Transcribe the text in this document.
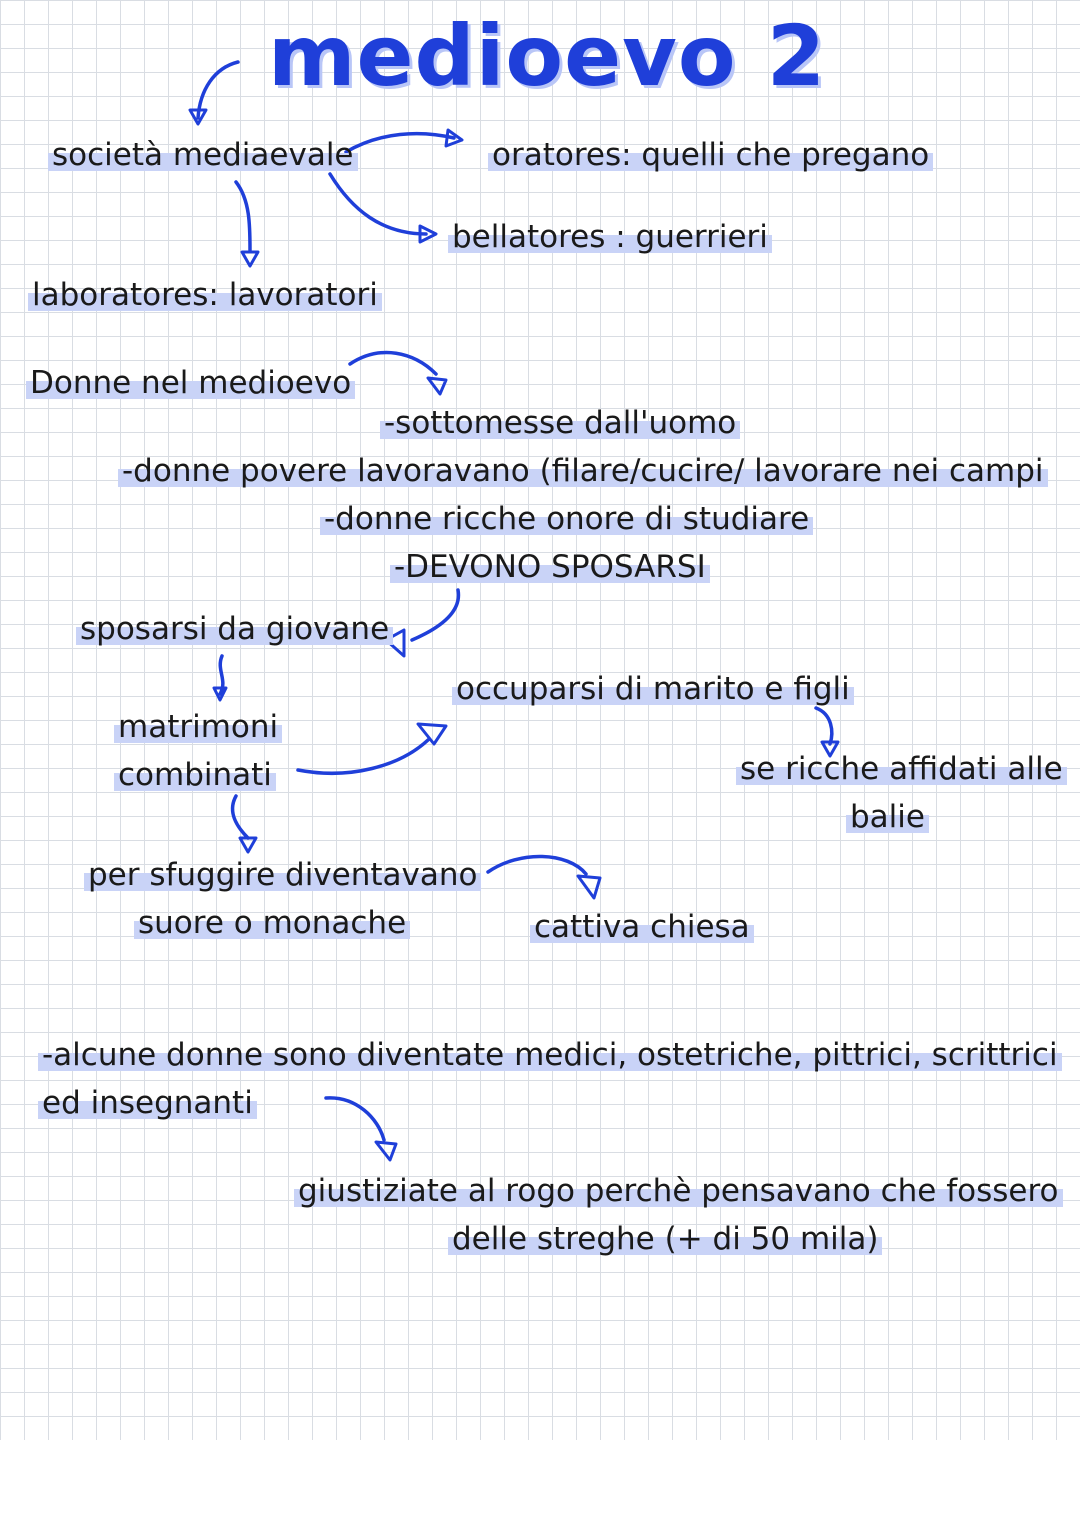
medioevo 2
società mediaevale	oratores: quelli che pregano
bellatores : guerrieri
laboratores: lavoratori
Donne nel medioevo
-sottomesse dall'uomo
-donne povere lavoravano (filare/cucire/ lavorare nei campi
-donne ricche onore di studiare
-DEVONO SPOSARSI
sposarsi da giovane
matrimoni
combinati
occuparsi di marito e figli
se ricche affidati alle
balie
per sfuggire diventavano
suore o monache	cattiva chiesa
-alcune donne sono diventate medici, ostetriche, pittrici, scrittrici
ed insegnanti
giustiziate al rogo perchè pensavano che fossero
delle streghe (+ di 50 mila)
